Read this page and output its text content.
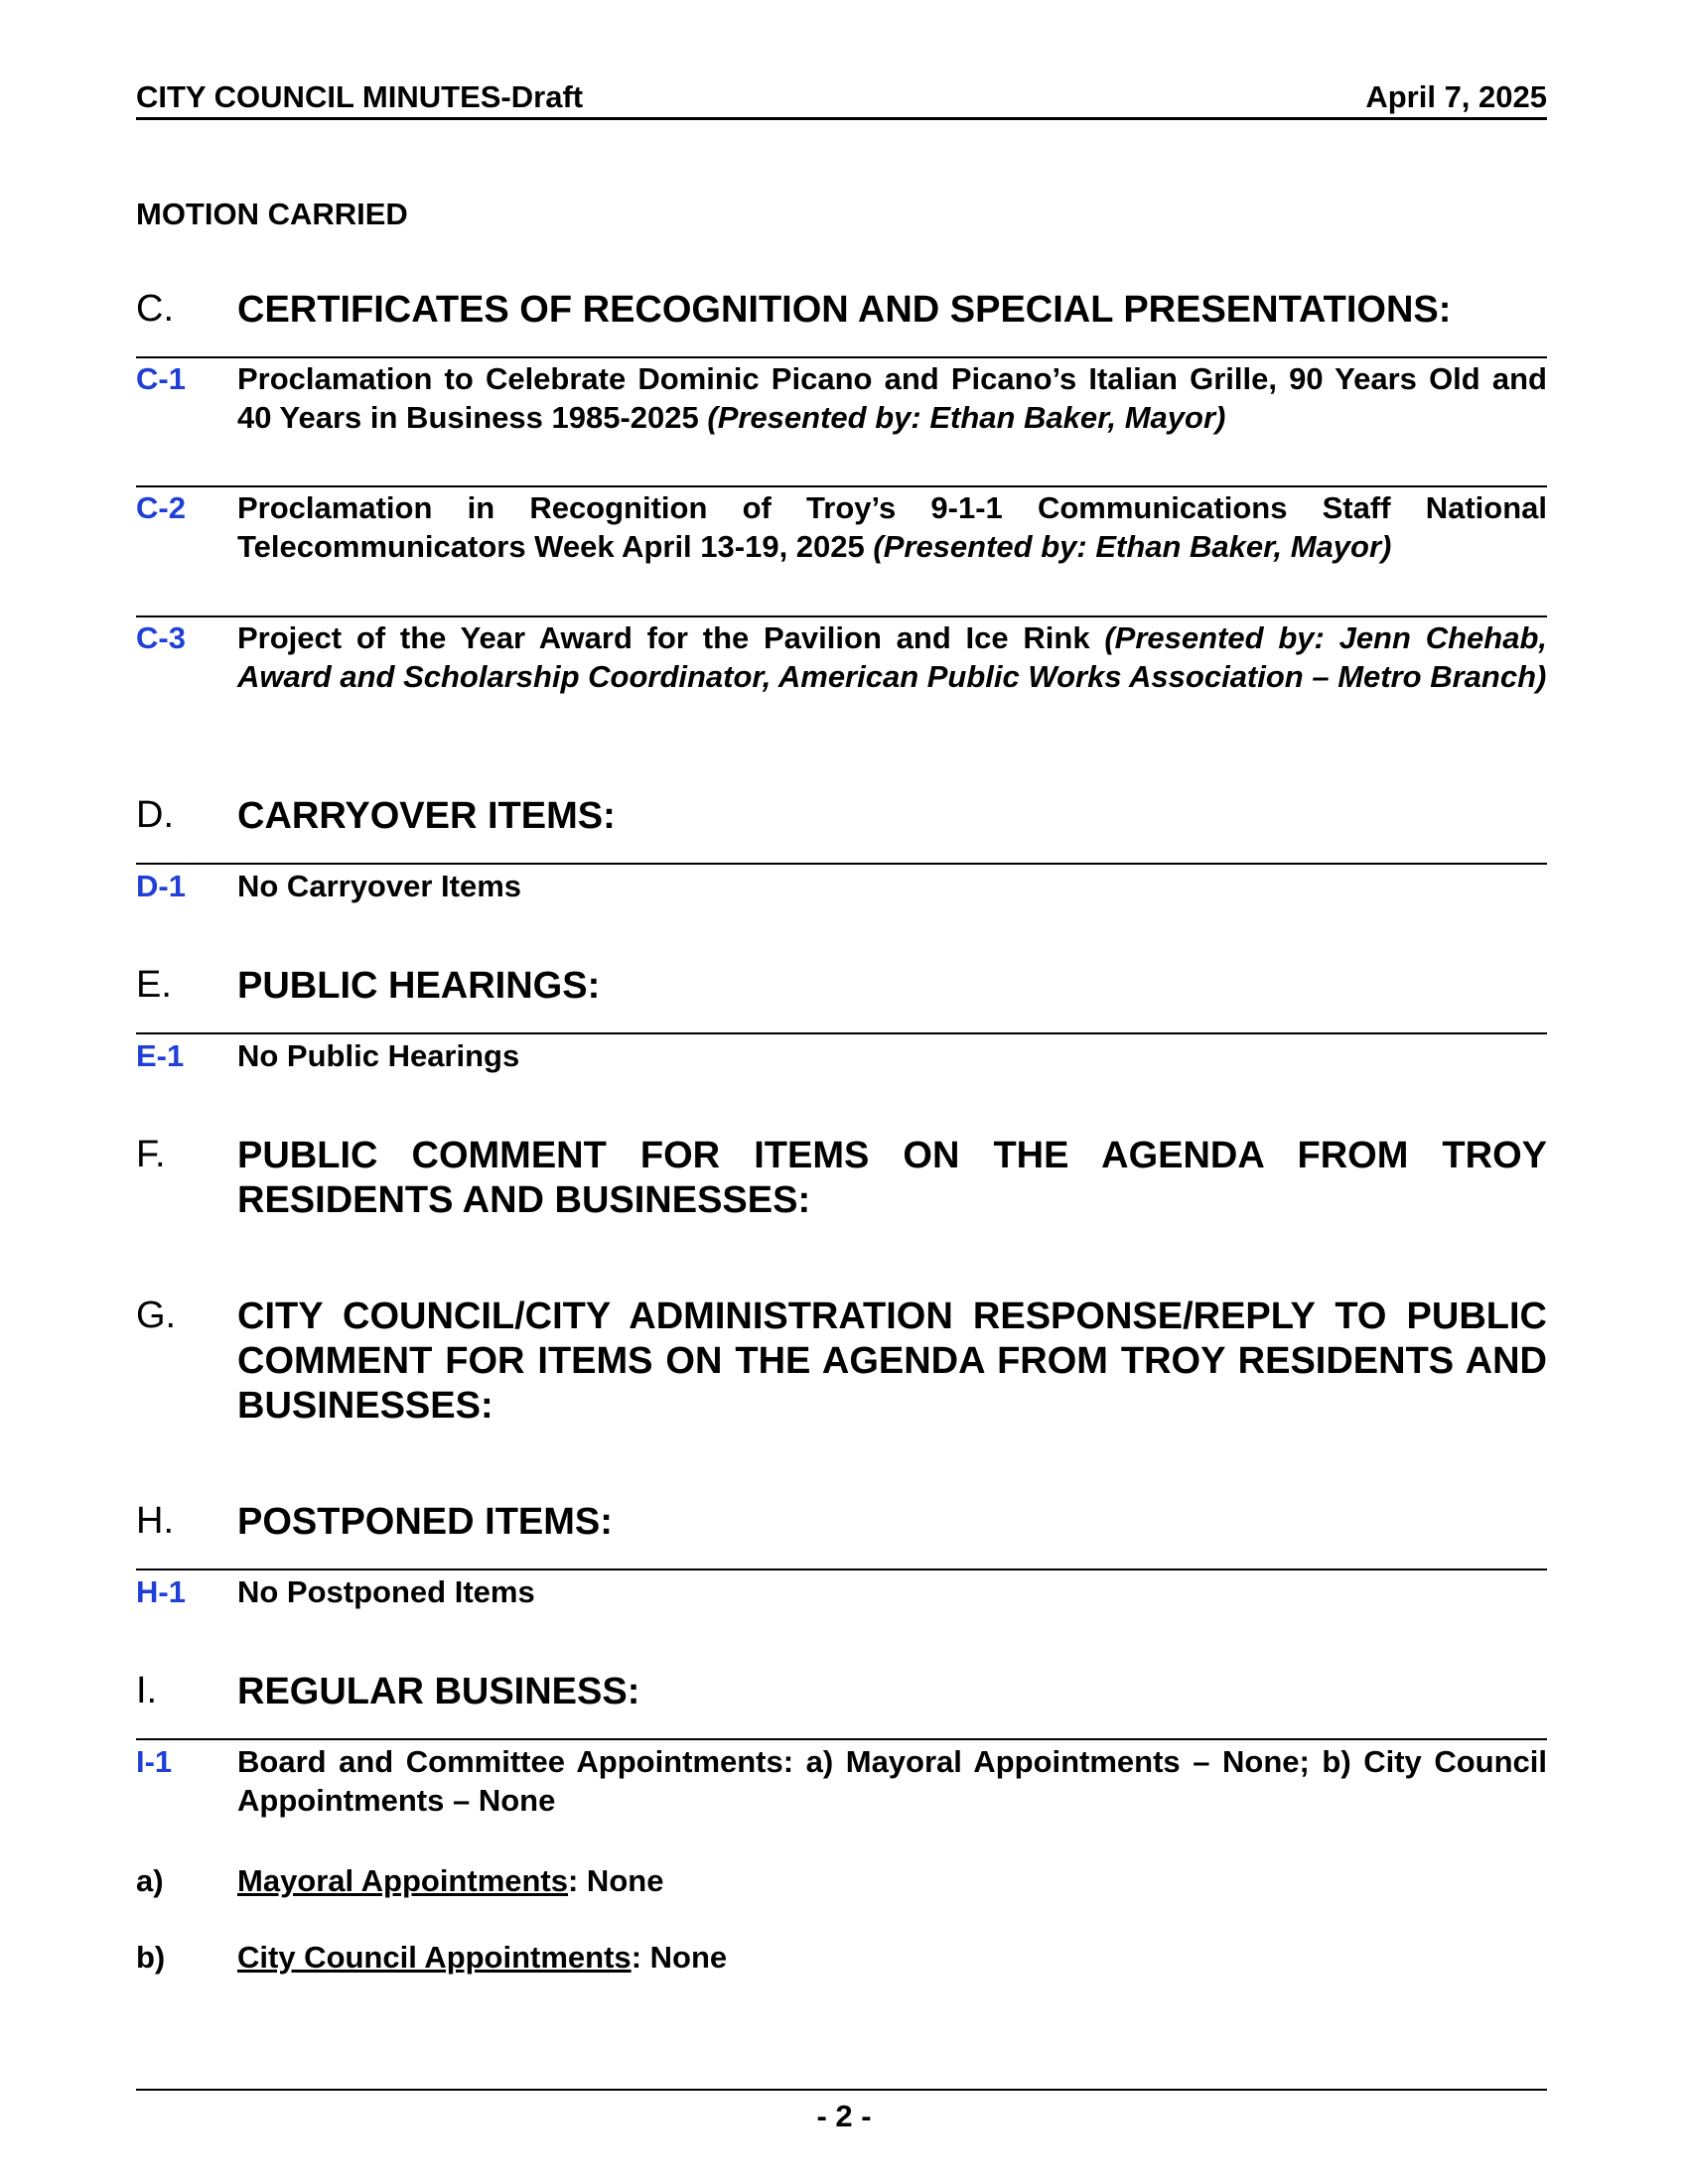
CITY COUNCIL MINUTES-Draft	April 7, 2025
MOTION CARRIED
C. CERTIFICATES OF RECOGNITION AND SPECIAL PRESENTATIONS:
C-1 Proclamation to Celebrate Dominic Picano and Picano’s Italian Grille, 90 Years Old and 40 Years in Business 1985-2025 (Presented by: Ethan Baker, Mayor)
C-2 Proclamation in Recognition of Troy’s 9-1-1 Communications Staff National Telecommunicators Week April 13-19, 2025 (Presented by: Ethan Baker, Mayor)
C-3 Project of the Year Award for the Pavilion and Ice Rink (Presented by: Jenn Chehab, Award and Scholarship Coordinator, American Public Works Association – Metro Branch)
D. CARRYOVER ITEMS:
D-1 No Carryover Items
E. PUBLIC HEARINGS:
E-1 No Public Hearings
F. PUBLIC COMMENT FOR ITEMS ON THE AGENDA FROM TROY RESIDENTS AND BUSINESSES:
G. CITY COUNCIL/CITY ADMINISTRATION RESPONSE/REPLY TO PUBLIC COMMENT FOR ITEMS ON THE AGENDA FROM TROY RESIDENTS AND BUSINESSES:
H. POSTPONED ITEMS:
H-1 No Postponed Items
I. REGULAR BUSINESS:
I-1 Board and Committee Appointments: a) Mayoral Appointments – None; b) City Council Appointments – None
a) Mayoral Appointments: None
b) City Council Appointments: None
- 2 -
